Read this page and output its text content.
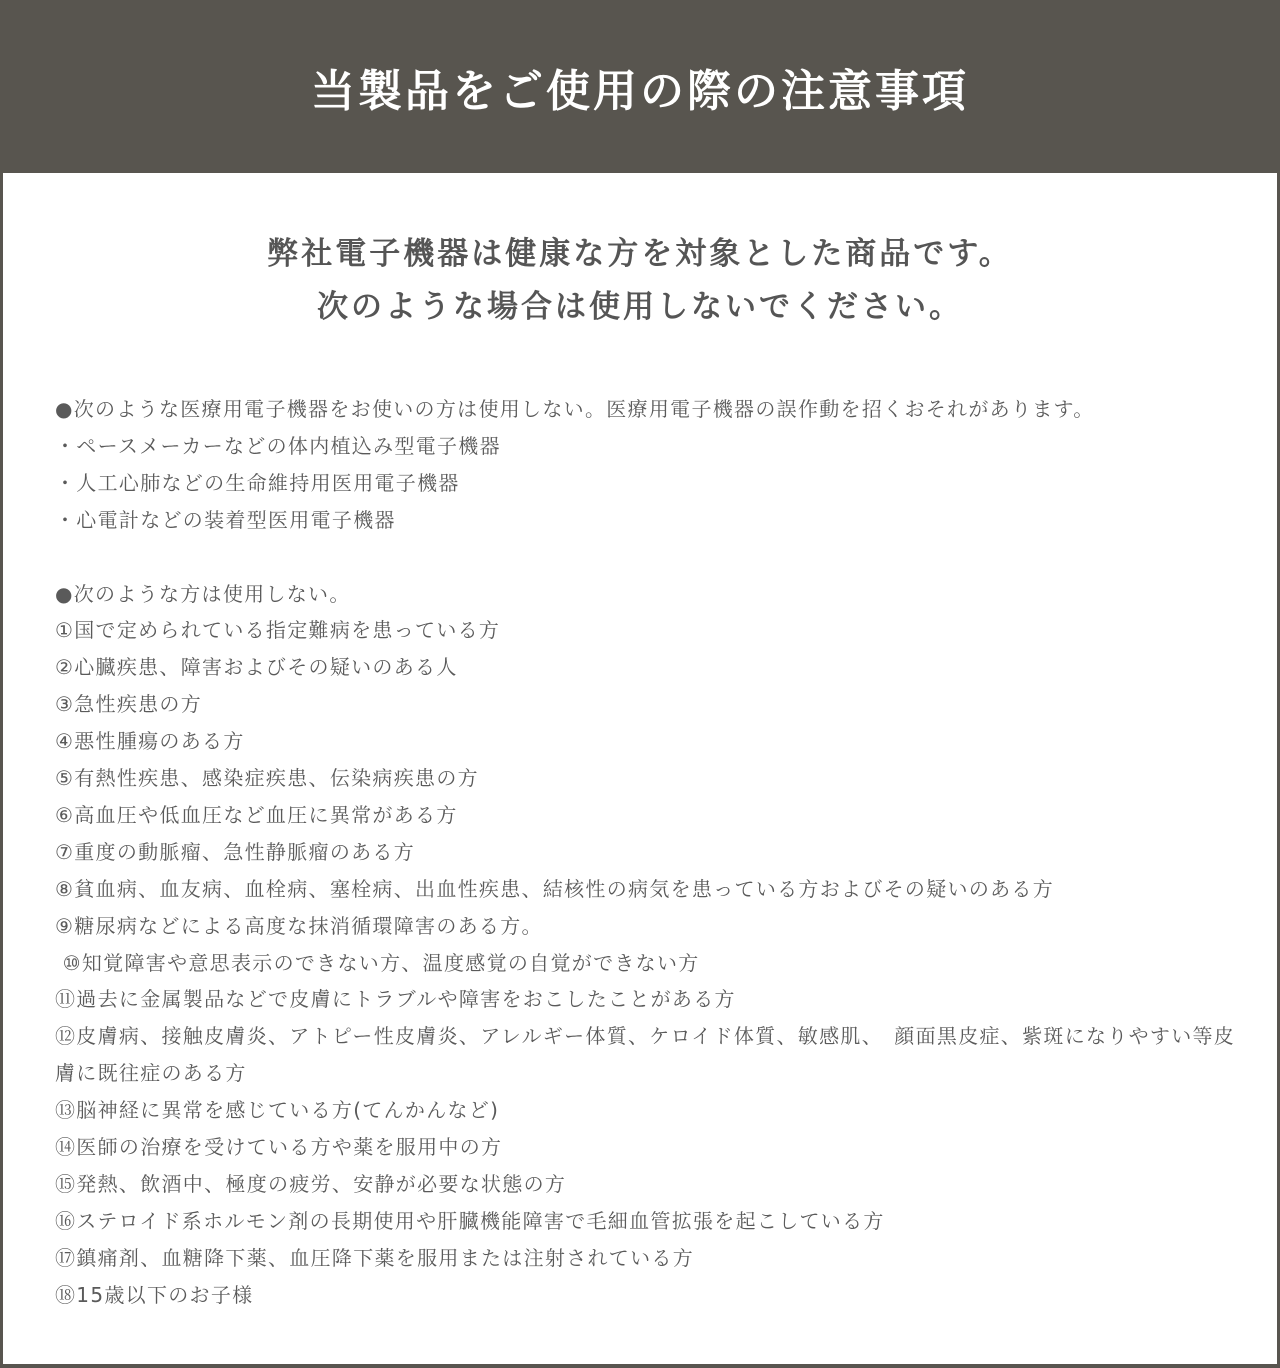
当製品をご使用の際の注意事項
弊社電子機器は健康な方を対象とした商品です。
次のような場合は使用しないでください。
●次のような医療用電子機器をお使いの方は使用しない。医療用電子機器の誤作動を招くおそれがあります。
・ペースメーカーなどの体内植込み型電子機器
・人工心肺などの生命維持用医用電子機器
・心電計などの装着型医用電子機器
●次のような方は使用しない。
①国で定められている指定難病を患っている方
②心臓疾患、障害およびその疑いのある人
③急性疾患の方
④悪性腫瘍のある方
⑤有熱性疾患、感染症疾患、伝染病疾患の方
⑥高血圧や低血圧など血圧に異常がある方
⑦重度の動脈瘤、急性静脈瘤のある方
⑧貧血病、血友病、血栓病、塞栓病、出血性疾患、結核性の病気を患っている方およびその疑いのある方
⑨糖尿病などによる高度な抹消循環障害のある方。
⑩知覚障害や意思表示のできない方、温度感覚の自覚ができない方
⑪過去に金属製品などで皮膚にトラブルや障害をおこしたことがある方
⑫皮膚病、接触皮膚炎、アトピー性皮膚炎、アレルギー体質、ケロイド体質、敏感肌、　顔面黒皮症、紫斑になりやすい等皮膚に既往症のある方
⑬脳神経に異常を感じている方(てんかんなど)
⑭医師の治療を受けている方や薬を服用中の方
⑮発熱、飲酒中、極度の疲労、安静が必要な状態の方
⑯ステロイド系ホルモン剤の長期使用や肝臓機能障害で毛細血管拡張を起こしている方
⑰鎮痛剤、血糖降下薬、血圧降下薬を服用または注射されている方
⑱15歳以下のお子様
